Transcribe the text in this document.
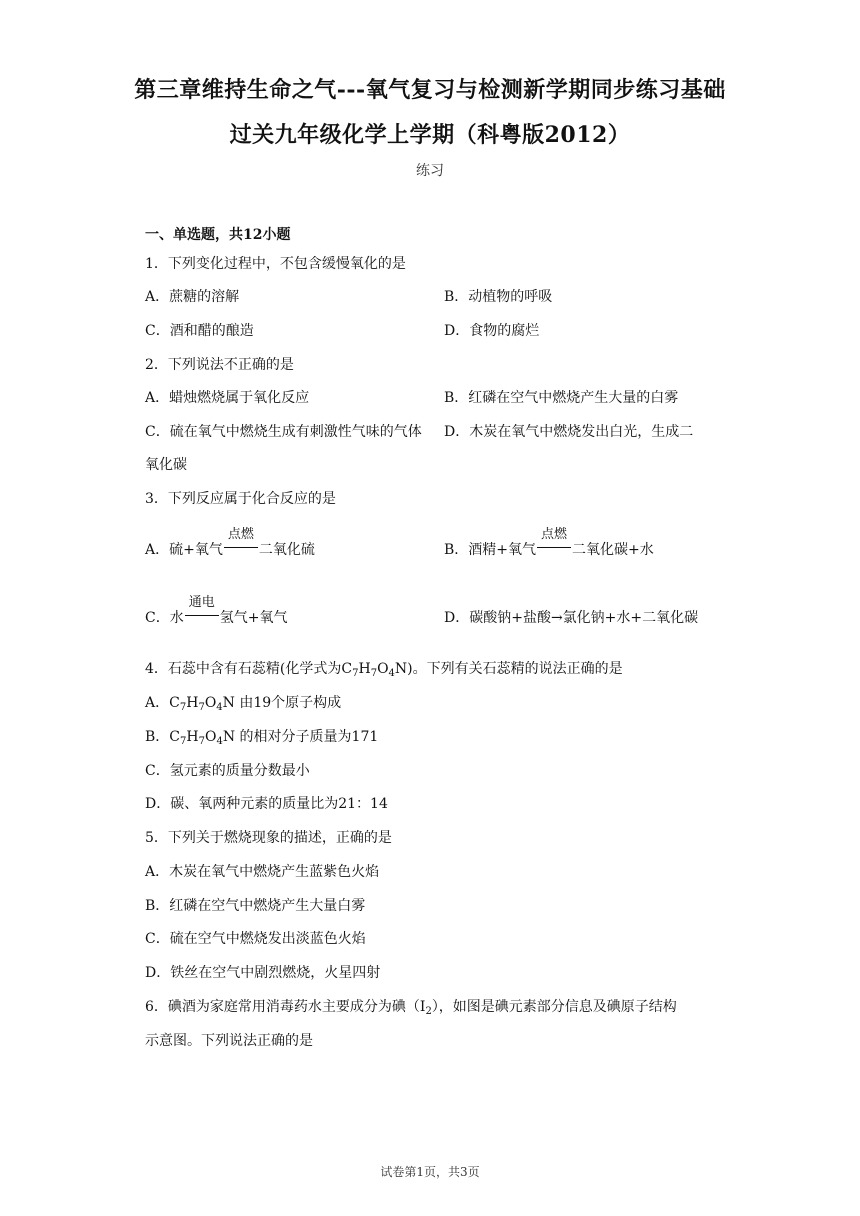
第三章维持生命之气---氧气复习与检测新学期同步练习基础
过关九年级化学上学期（科粤版2012）
练习
一、单选题，共12小题
1．下列变化过程中，不包含缓慢氧化的是
A．蔗糖的溶解	B．动植物的呼吸
C．酒和醋的酿造	D．食物的腐烂
2．下列说法不正确的是
A．蜡烛燃烧属于氧化反应	B．红磷在空气中燃烧产生大量的白雾
C．硫在氧气中燃烧生成有刺激性气味的气体 D．木炭在氧气中燃烧发出白光，生成二
氧化碳
3．下列反应属于化合反应的是
A．硫+氧气
点燃
二氧化硫	B．酒精+氧气
点燃
二氧化碳+水
C．水
通电
氢气+氧气	D．碳酸钠+盐酸→氯化钠+水+二氧化碳
4．石蕊中含有石蕊精(化学式为$C_7H_7O_4N$)。下列有关石蕊精的说法正确的是
A．$C_7H_7O_4N$ 由19个原子构成
B．$C_7H_7O_4N$ 的相对分子质量为171
C．氢元素的质量分数最小
D．碳、氧两种元素的质量比为21：14
5．下列关于燃烧现象的描述，正确的是
A．木炭在氧气中燃烧产生蓝紫色火焰
B．红磷在空气中燃烧产生大量白雾
C．硫在空气中燃烧发出淡蓝色火焰
D．铁丝在空气中剧烈燃烧，火星四射
6．碘酒为家庭常用消毒药水主要成分为碘$(I_2)$，如图是碘元素部分信息及碘原子结构
示意图。下列说法正确的是
试卷第1页，共3页
